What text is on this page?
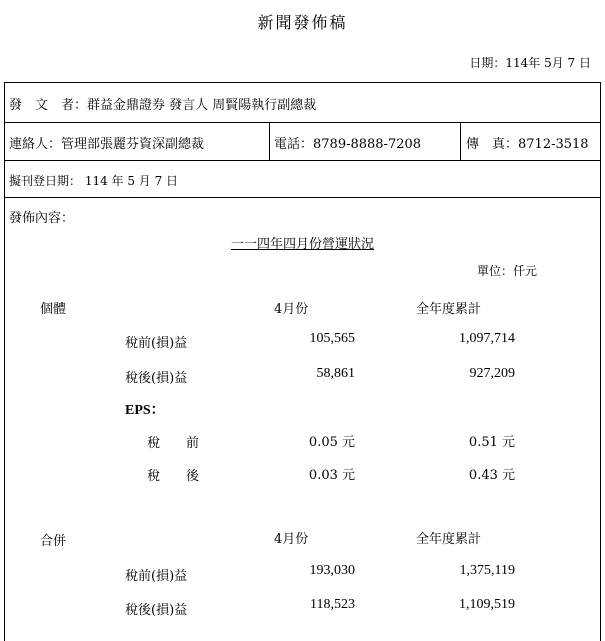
新聞發佈稿
日期：114年 5月 7 日
發　文　者：群益金鼎證券 發言人 周賢陽執行副總裁
連絡人：管理部張麗芬資深副總裁	電話：8789-8888-7208	傳　真：8712-3518
擬刊登日期： 114 年 5 月 7 日
發佈內容：
一一四年四月份營運狀況
單位：仟元
個體	4月份	全年度累計
稅前(損)益	105,565	1,097,714
稅後(損)益	58,861	927,209
EPS：
稅　　前	0.05 元	0.51 元
稅　　後	0.03 元	0.43 元
合併	4月份	全年度累計
稅前(損)益	193,030	1,375,119
稅後(損)益	118,523	1,109,519
